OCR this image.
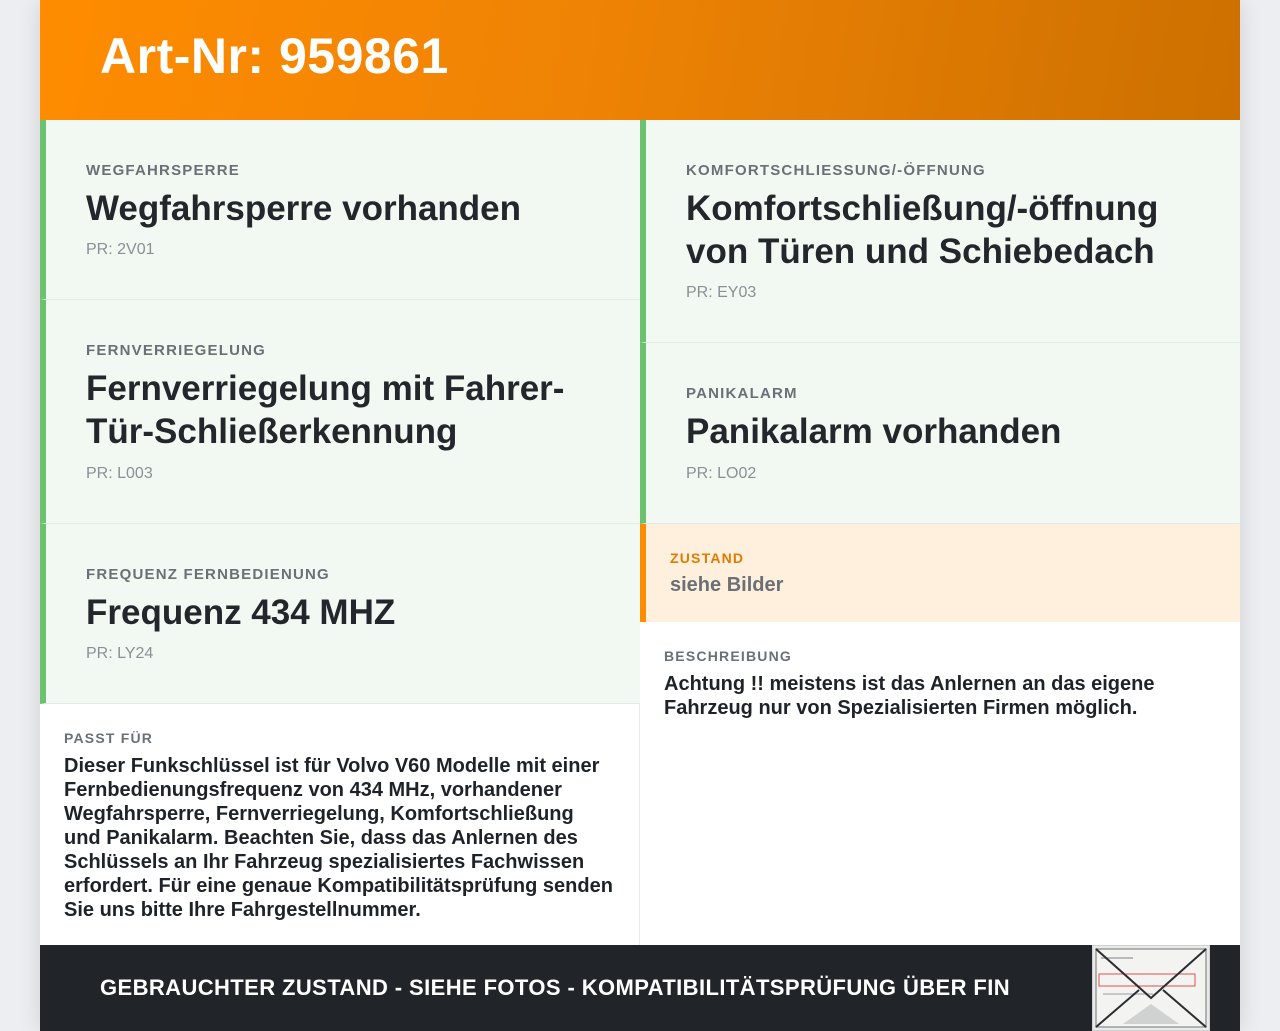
Art-Nr: 959861
WEGFAHRSPERRE
Wegfahrsperre vorhanden
PR: 2V01
FERNVERRIEGELUNG
Fernverriegelung mit Fahrer-Tür-Schließerkennung
PR: L003
FREQUENZ FERNBEDIENUNG
Frequenz 434 MHZ
PR: LY24
PASST FÜR
Dieser Funkschlüssel ist für Volvo V60 Modelle mit einer Fernbedienungsfrequenz von 434 MHz, vorhandener Wegfahrsperre, Fernverriegelung, Komfortschließung und Panikalarm. Beachten Sie, dass das Anlernen des Schlüssels an Ihr Fahrzeug spezialisiertes Fachwissen erfordert. Für eine genaue Kompatibilitätsprüfung senden Sie uns bitte Ihre Fahrgestellnummer.
KOMFORTSCHLIESSUNG/-ÖFFNUNG
Komfortschließung/-öffnung von Türen und Schiebedach
PR: EY03
PANIKALARM
Panikalarm vorhanden
PR: LO02
ZUSTAND
siehe Bilder
BESCHREIBUNG
Achtung !! meistens ist das Anlernen an das eigene Fahrzeug nur von Spezialisierten Firmen möglich.
GEBRAUCHTER ZUSTAND - SIEHE FOTOS - KOMPATIBILITÄTSPRÜFUNG ÜBER FIN
